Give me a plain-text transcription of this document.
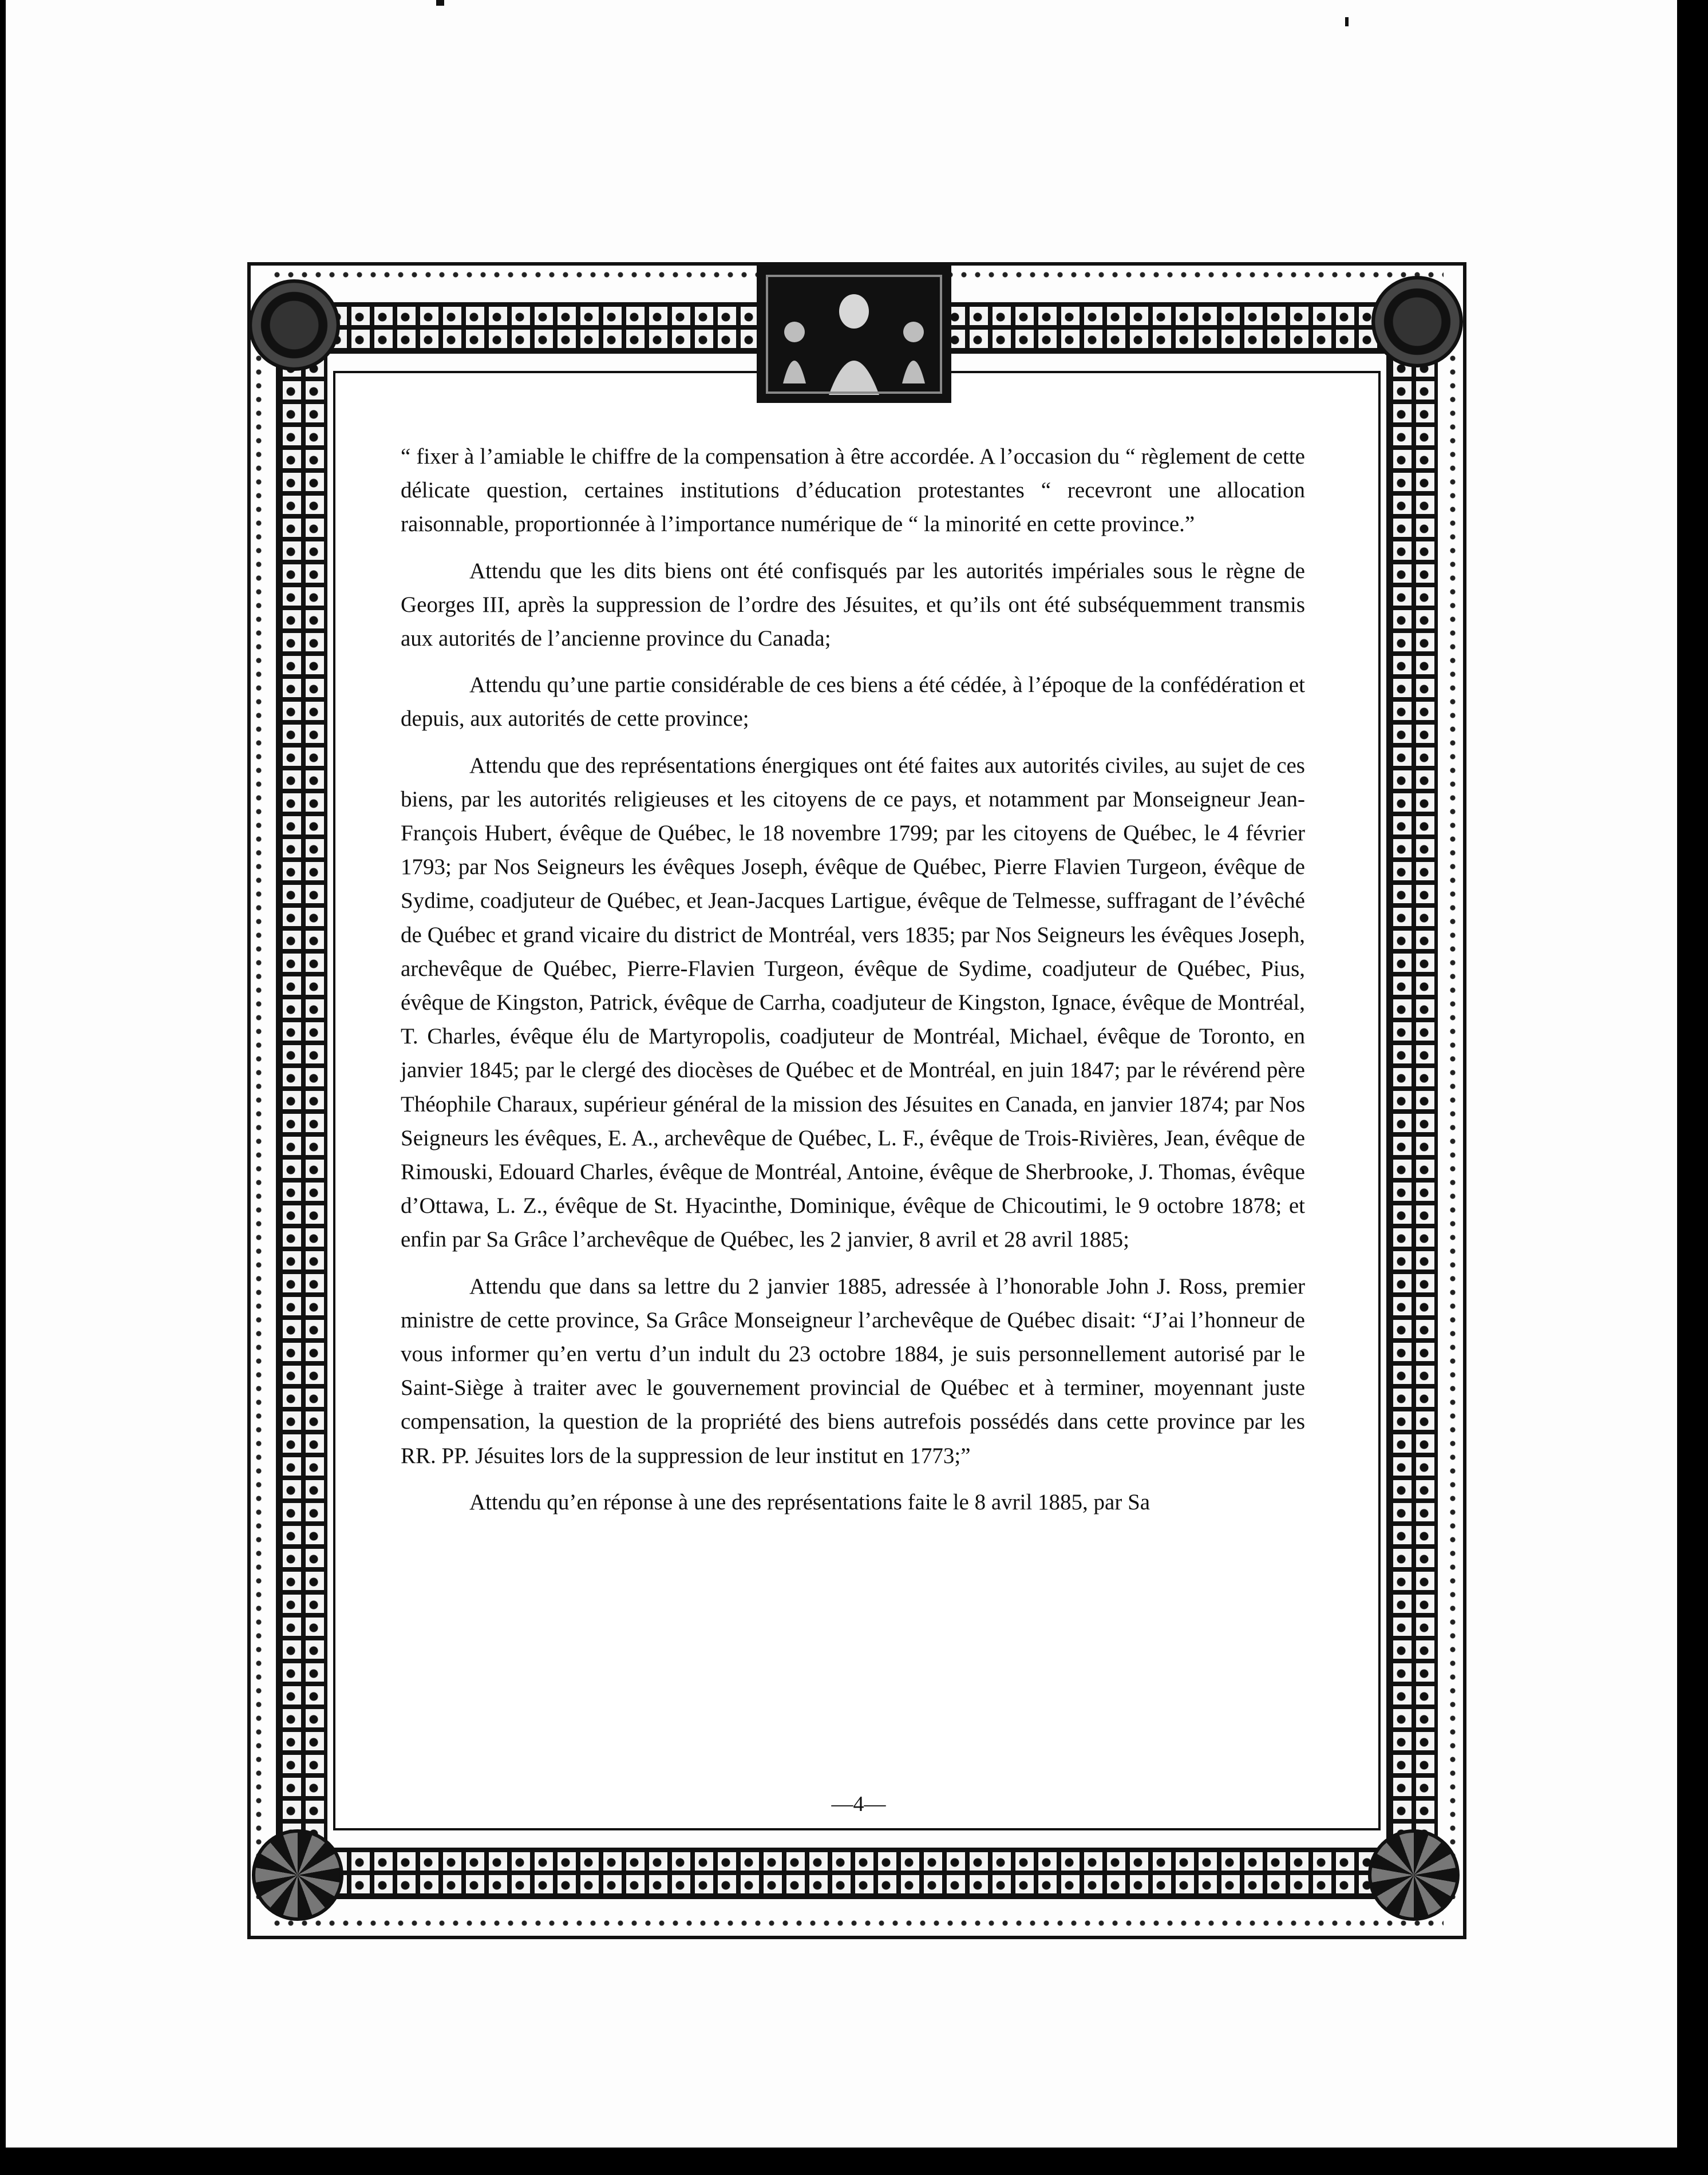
“ fixer à l’amiable le chiffre de la compensation à être accordée. A l’occasion du “ règlement de cette délicate question, certaines institutions d’éducation protestantes “ recevront une allocation raisonnable, proportionnée à l’importance numérique de “ la minorité en cette province.”

Attendu que les dits biens ont été confisqués par les autorités impériales sous le règne de Georges III, après la suppression de l’ordre des Jésuites, et qu’ils ont été subséquemment transmis aux autorités de l’ancienne province du Canada;

Attendu qu’une partie considérable de ces biens a été cédée, à l’époque de la confédération et depuis, aux autorités de cette province;

Attendu que des représentations énergiques ont été faites aux autorités civiles, au sujet de ces biens, par les autorités religieuses et les citoyens de ce pays, et notamment par Monseigneur Jean-François Hubert, évêque de Québec, le 18 novembre 1799; par les citoyens de Québec, le 4 février 1793; par Nos Seigneurs les évêques Joseph, évêque de Québec, Pierre Flavien Turgeon, évêque de Sydime, coadjuteur de Québec, et Jean-Jacques Lartigue, évêque de Telmesse, suffragant de l’évêché de Québec et grand vicaire du district de Montréal, vers 1835; par Nos Seigneurs les évêques Joseph, archevêque de Québec, Pierre-Flavien Turgeon, évêque de Sydime, coadjuteur de Québec, Pius, évêque de Kingston, Patrick, évêque de Carrha, coadjuteur de Kingston, Ignace, évêque de Montréal, T. Charles, évêque élu de Martyropolis, coadjuteur de Montréal, Michael, évêque de Toronto, en janvier 1845; par le clergé des diocèses de Québec et de Montréal, en juin 1847; par le révérend père Théophile Charaux, supérieur général de la mission des Jésuites en Canada, en janvier 1874; par Nos Seigneurs les évêques, E. A., archevêque de Québec, L. F., évêque de Trois-Rivières, Jean, évêque de Rimouski, Edouard Charles, évêque de Montréal, Antoine, évêque de Sherbrooke, J. Thomas, évêque d’Ottawa, L. Z., évêque de St. Hyacinthe, Dominique, évêque de Chicoutimi, le 9 octobre 1878; et enfin par Sa Grâce l’archevêque de Québec, les 2 janvier, 8 avril et 28 avril 1885;

Attendu que dans sa lettre du 2 janvier 1885, adressée à l’honorable John J. Ross, premier ministre de cette province, Sa Grâce Monseigneur l’archevêque de Québec disait: “J’ai l’honneur de vous informer qu’en vertu d’un indult du 23 octobre 1884, je suis personnellement autorisé par le Saint-Siège à traiter avec le gouvernement provincial de Québec et à terminer, moyennant juste compensation, la question de la propriété des biens autrefois possédés dans cette province par les RR. PP. Jésuites lors de la suppression de leur institut en 1773;”

Attendu qu’en réponse à une des représentations faite le 8 avril 1885, par Sa

—4—
